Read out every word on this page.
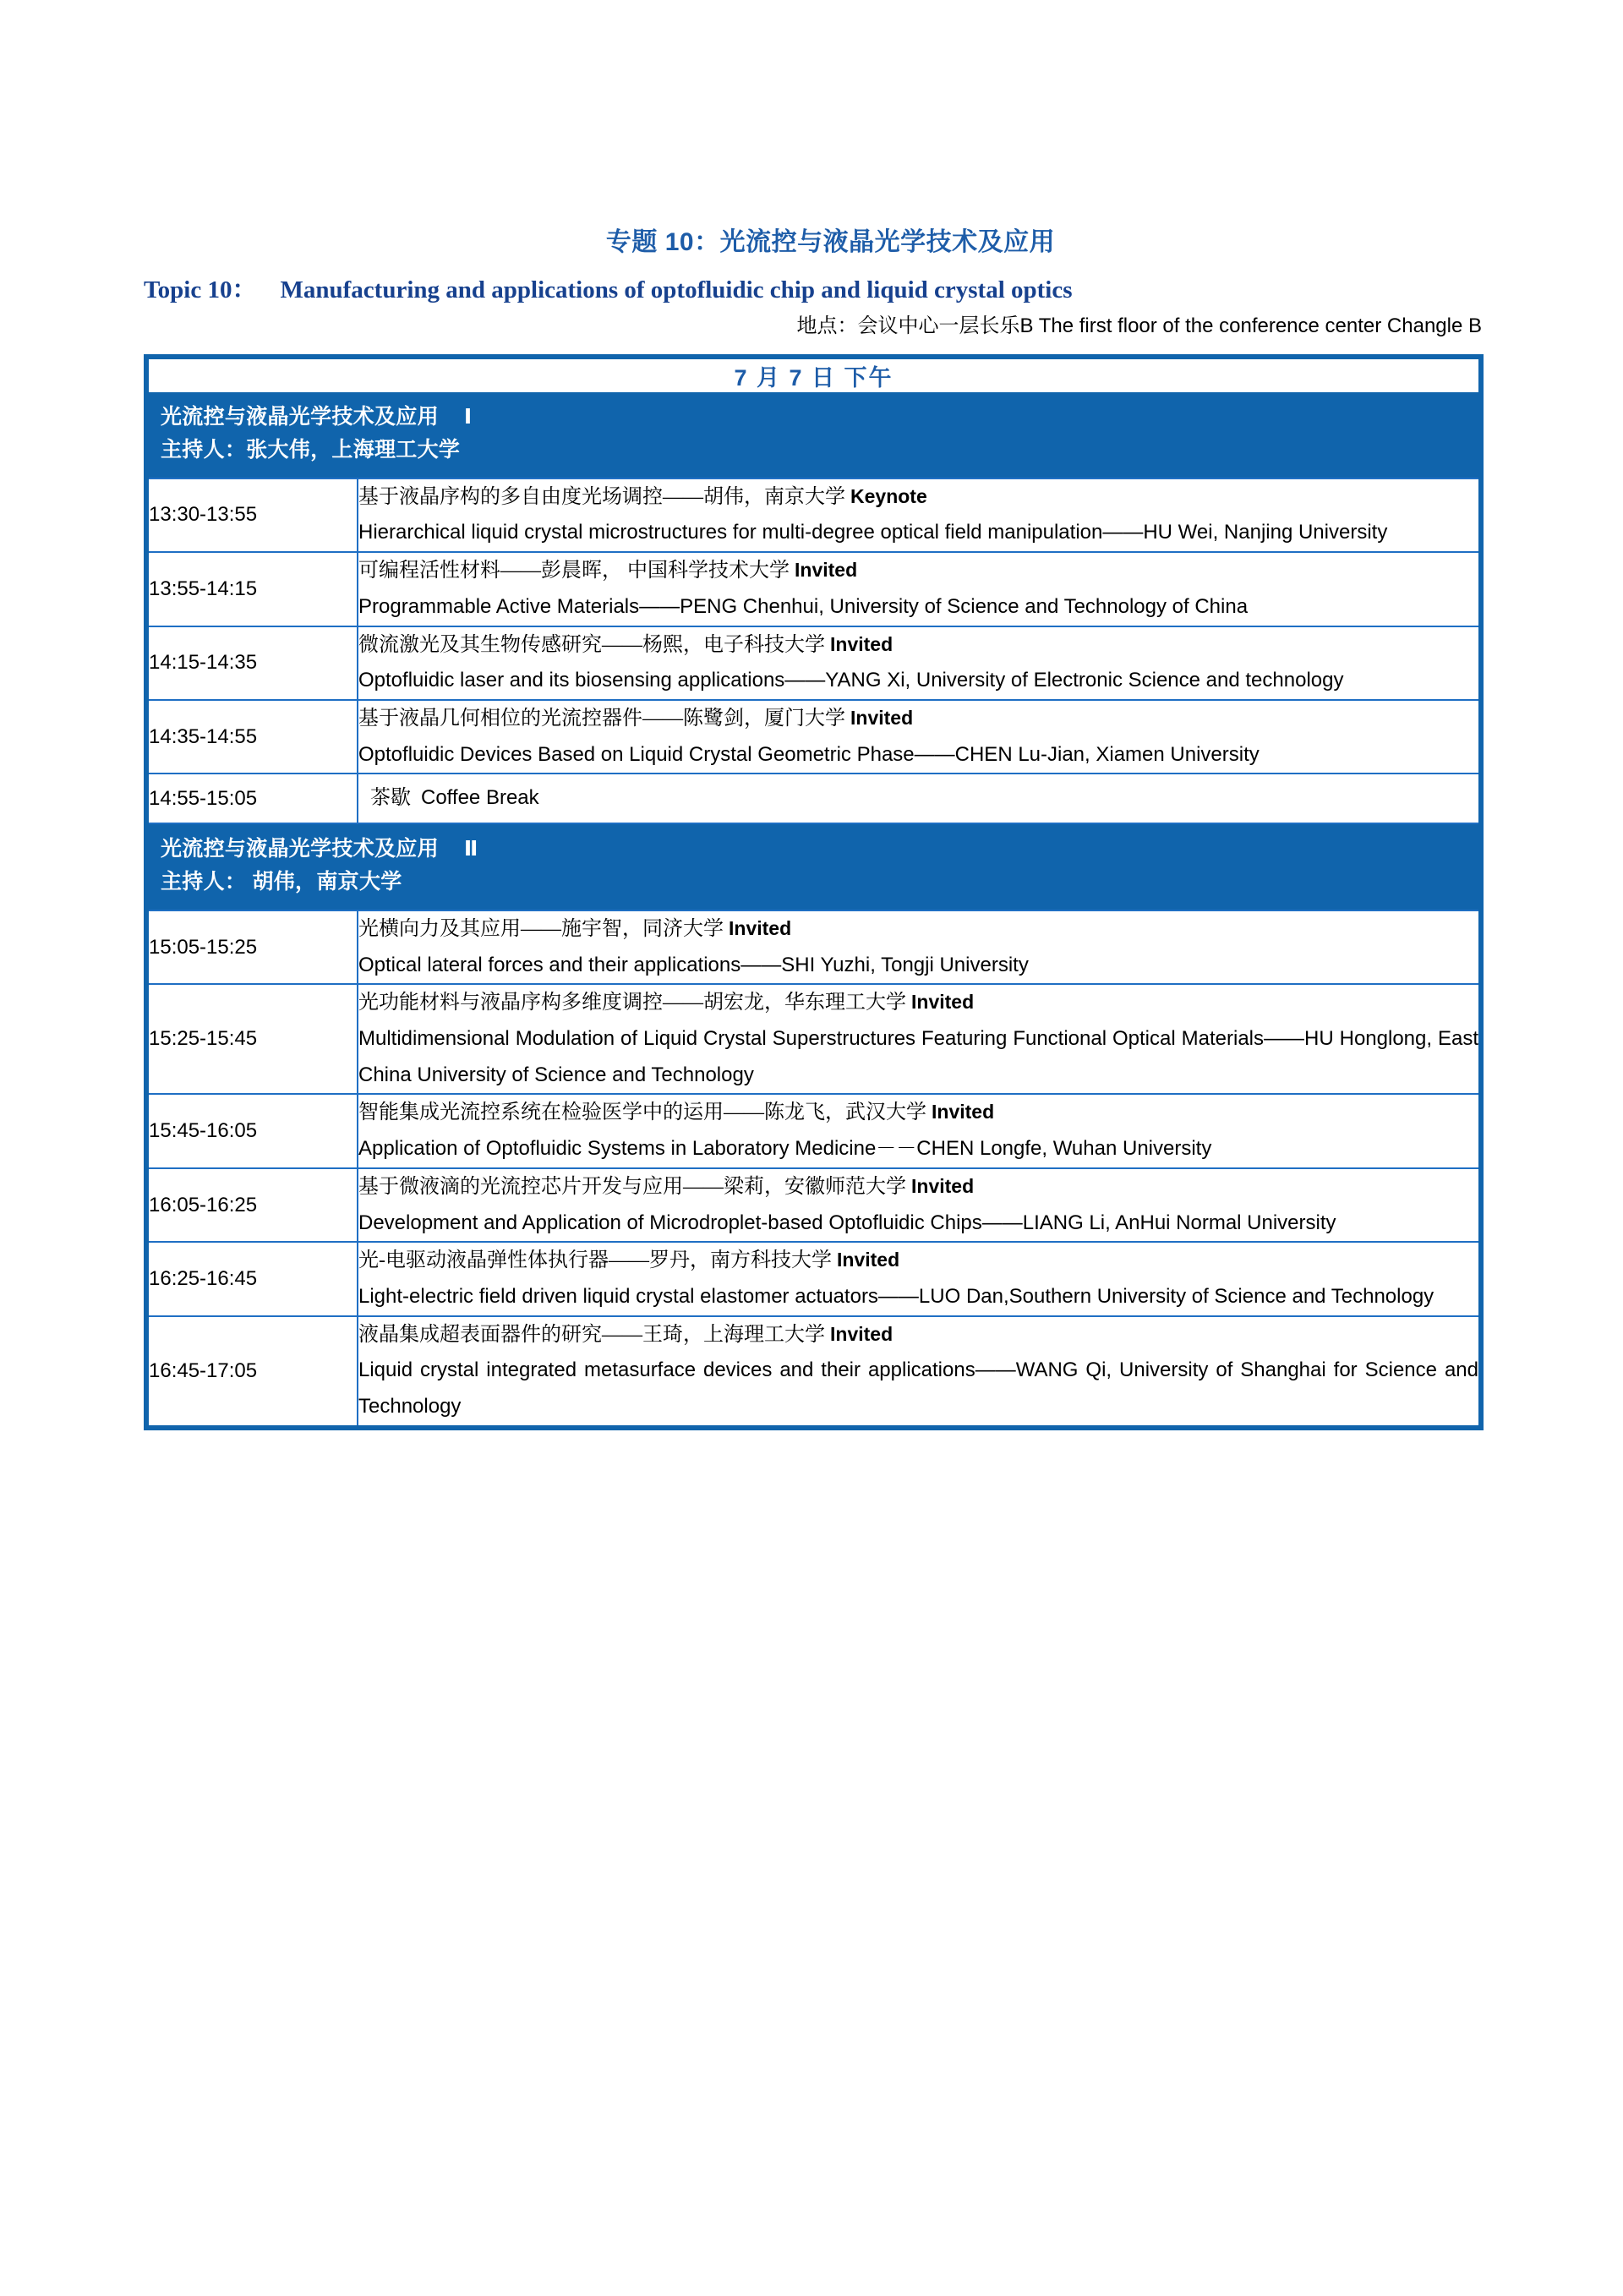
专题 10：光流控与液晶光学技术及应用
Topic 10： Manufacturing and applications of optofluidic chip and liquid crystal optics
地点：会议中心一层长乐B The first floor of the conference center Changle B
7 月 7 日 下午	

光流控与液晶光学技术及应用 Ⅰ
主持人：张大伟，上海理工大学	

13:30-13:55	基于液晶序构的多自由度光场调控——胡伟，南京大学 Keynote
Hierarchical liquid crystal microstructures for multi-degree optical field manipulation——HU Wei, Nanjing University

13:55-14:15	可编程活性材料——彭晨晖， 中国科学技术大学 Invited
Programmable Active Materials——PENG Chenhui, University of Science and Technology of China

14:15-14:35	微流激光及其生物传感研究——杨熙，电子科技大学 Invited
Optofluidic laser and its biosensing applications——YANG Xi, University of Electronic Science and technology

14:35-14:55	基于液晶几何相位的光流控器件——陈鹭剑，厦门大学 Invited
Optofluidic Devices Based on Liquid Crystal Geometric Phase——CHEN Lu-Jian, Xiamen University

14:55-15:05	茶歇 Coffee Break

光流控与液晶光学技术及应用 Ⅱ
主持人： 胡伟，南京大学	

15:05-15:25	光横向力及其应用——施宇智，同济大学 Invited
Optical lateral forces and their applications——SHI Yuzhi, Tongji University

15:25-15:45	光功能材料与液晶序构多维度调控——胡宏龙，华东理工大学 Invited
Multidimensional Modulation of Liquid Crystal Superstructures Featuring Functional Optical Materials——HU Honglong, East China University of Science and Technology

15:45-16:05	智能集成光流控系统在检验医学中的运用——陈龙飞，武汉大学 Invited
Application of Optofluidic Systems in Laboratory Medicine－－CHEN Longfe, Wuhan University

16:05-16:25	基于微液滴的光流控芯片开发与应用——梁莉，安徽师范大学 Invited
Development and Application of Microdroplet-based Optofluidic Chips——LIANG Li, AnHui Normal University

16:25-16:45	光-电驱动液晶弹性体执行器——罗丹，南方科技大学 Invited
Light-electric field driven liquid crystal elastomer actuators——LUO Dan,Southern University of Science and Technology

16:45-17:05	液晶集成超表面器件的研究——王琦，上海理工大学 Invited
Liquid crystal integrated metasurface devices and their applications——WANG Qi, University of Shanghai for Science and Technology
